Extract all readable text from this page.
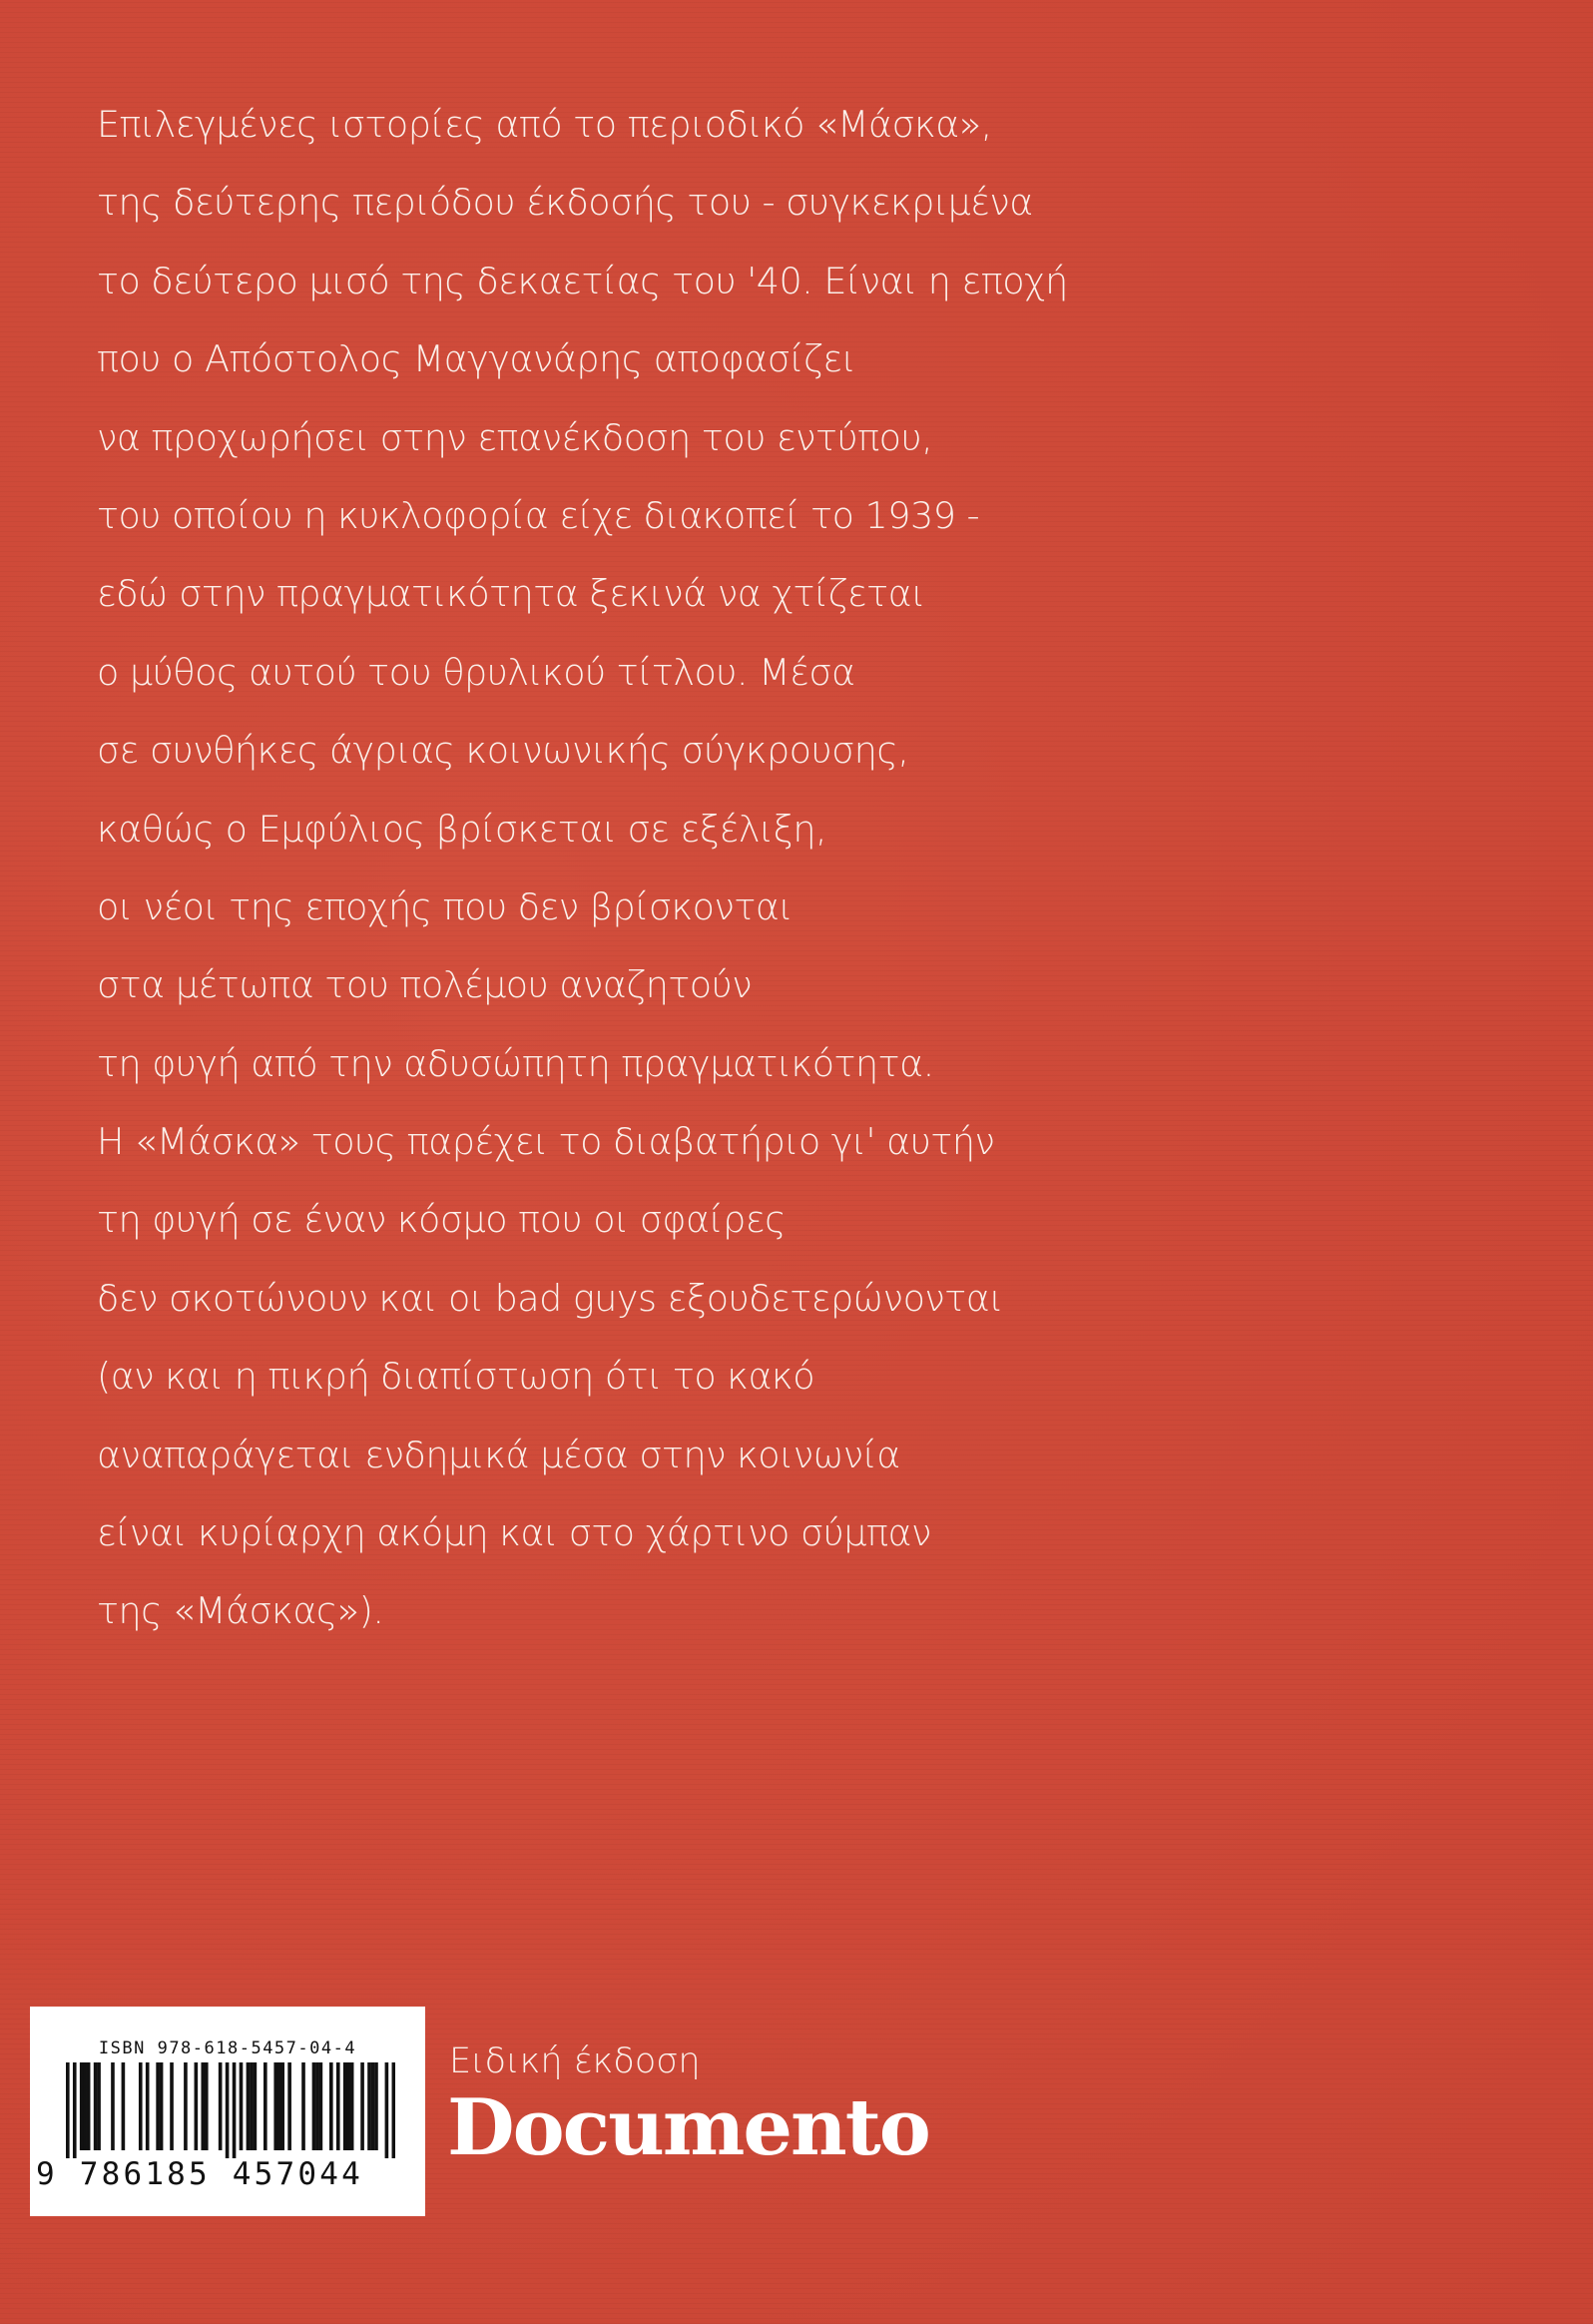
Επιλεγμένες ιστορίες από το περιοδικό «Μάσκα»,
της δεύτερης περιόδου έκδοσής του - συγκεκριμένα
το δεύτερο μισό της δεκαετίας του '40. Είναι η εποχή
που ο Απόστολος Μαγγανάρης αποφασίζει
να προχωρήσει στην επανέκδοση του εντύπου,
του οποίου η κυκλοφορία είχε διακοπεί το 1939 -
εδώ στην πραγματικότητα ξεκινά να χτίζεται
ο μύθος αυτού του θρυλικού τίτλου. Μέσα
σε συνθήκες άγριας κοινωνικής σύγκρουσης,
καθώς ο Εμφύλιος βρίσκεται σε εξέλιξη,
οι νέοι της εποχής που δεν βρίσκονται
στα μέτωπα του πολέμου αναζητούν
τη φυγή από την αδυσώπητη πραγματικότητα.
Η «Μάσκα» τους παρέχει το διαβατήριο γι' αυτήν
τη φυγή σε έναν κόσμο που οι σφαίρες
δεν σκοτώνουν και οι bad guys εξουδετερώνονται
(αν και η πικρή διαπίστωση ότι το κακό
αναπαράγεται ενδημικά μέσα στην κοινωνία
είναι κυρίαρχη ακόμη και στο χάρτινο σύμπαν
της «Μάσκας»).
ISBN 978-618-5457-04-4
9 786185 457044
Ειδική έκδοση
Documento
